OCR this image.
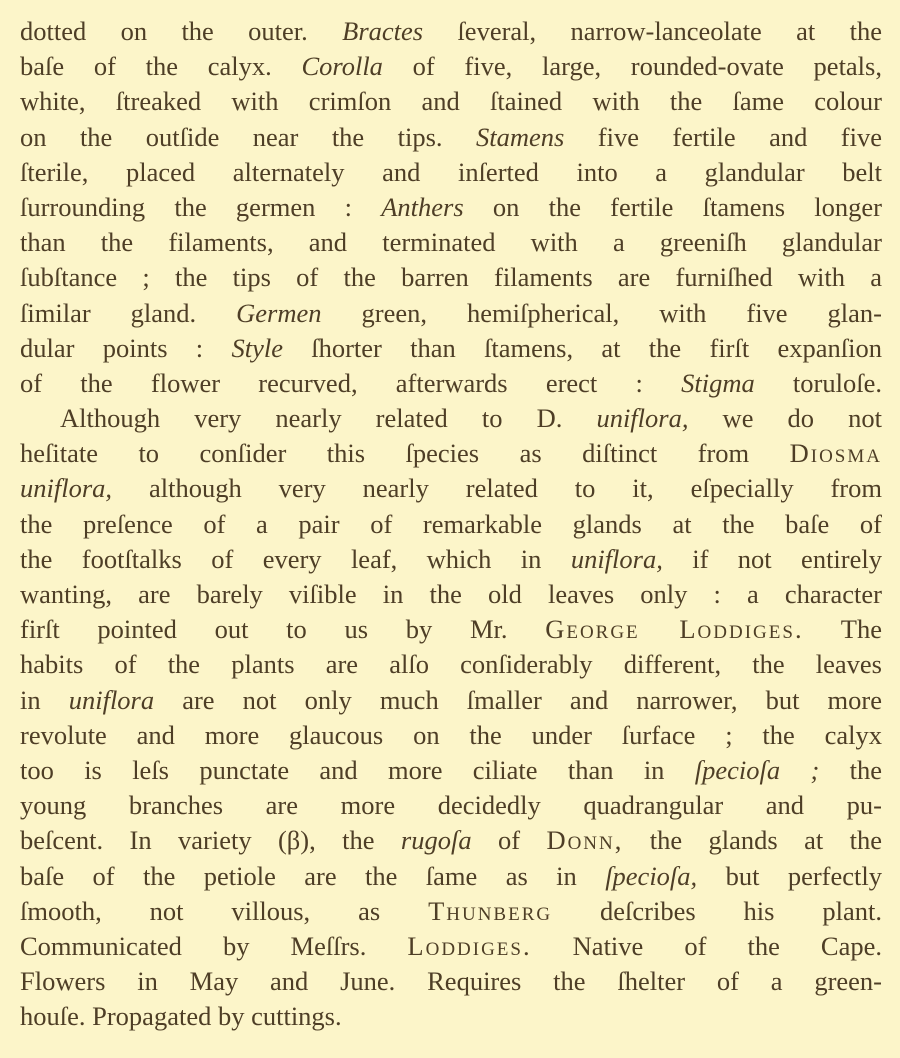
dotted on the outer. Bractes ſeveral, narrow-lanceolate at the
baſe of the calyx. Corolla of five, large, rounded-ovate petals,
white, ſtreaked with crimſon and ſtained with the ſame colour
on the outſide near the tips. Stamens five fertile and five
ſterile, placed alternately and inſerted into a glandular belt
ſurrounding the germen : Anthers on the fertile ſtamens longer
than the filaments, and terminated with a greeniſh glandular
ſubſtance ; the tips of the barren filaments are furniſhed with a
ſimilar gland. Germen green, hemiſpherical, with five glan-
dular points : Style ſhorter than ſtamens, at the firſt expanſion
of the flower recurved, afterwards erect : Stigma toruloſe.
Although very nearly related to D. uniflora, we do not
heſitate to conſider this ſpecies as diſtinct from Diosma
uniflora, although very nearly related to it, eſpecially from
the preſence of a pair of remarkable glands at the baſe of
the footſtalks of every leaf, which in uniflora, if not entirely
wanting, are barely viſible in the old leaves only : a character
firſt pointed out to us by Mr. George Loddiges. The
habits of the plants are alſo conſiderably different, the leaves
in uniflora are not only much ſmaller and narrower, but more
revolute and more glaucous on the under ſurface ; the calyx
too is leſs punctate and more ciliate than in ſpecioſa ; the
young branches are more decidedly quadrangular and pu-
beſcent. In variety (β), the rugoſa of Donn, the glands at the
baſe of the petiole are the ſame as in ſpecioſa, but perfectly
ſmooth, not villous, as Thunberg deſcribes his plant.
Communicated by Meſſrs. Loddiges. Native of the Cape.
Flowers in May and June. Requires the ſhelter of a green-
houſe. Propagated by cuttings.
